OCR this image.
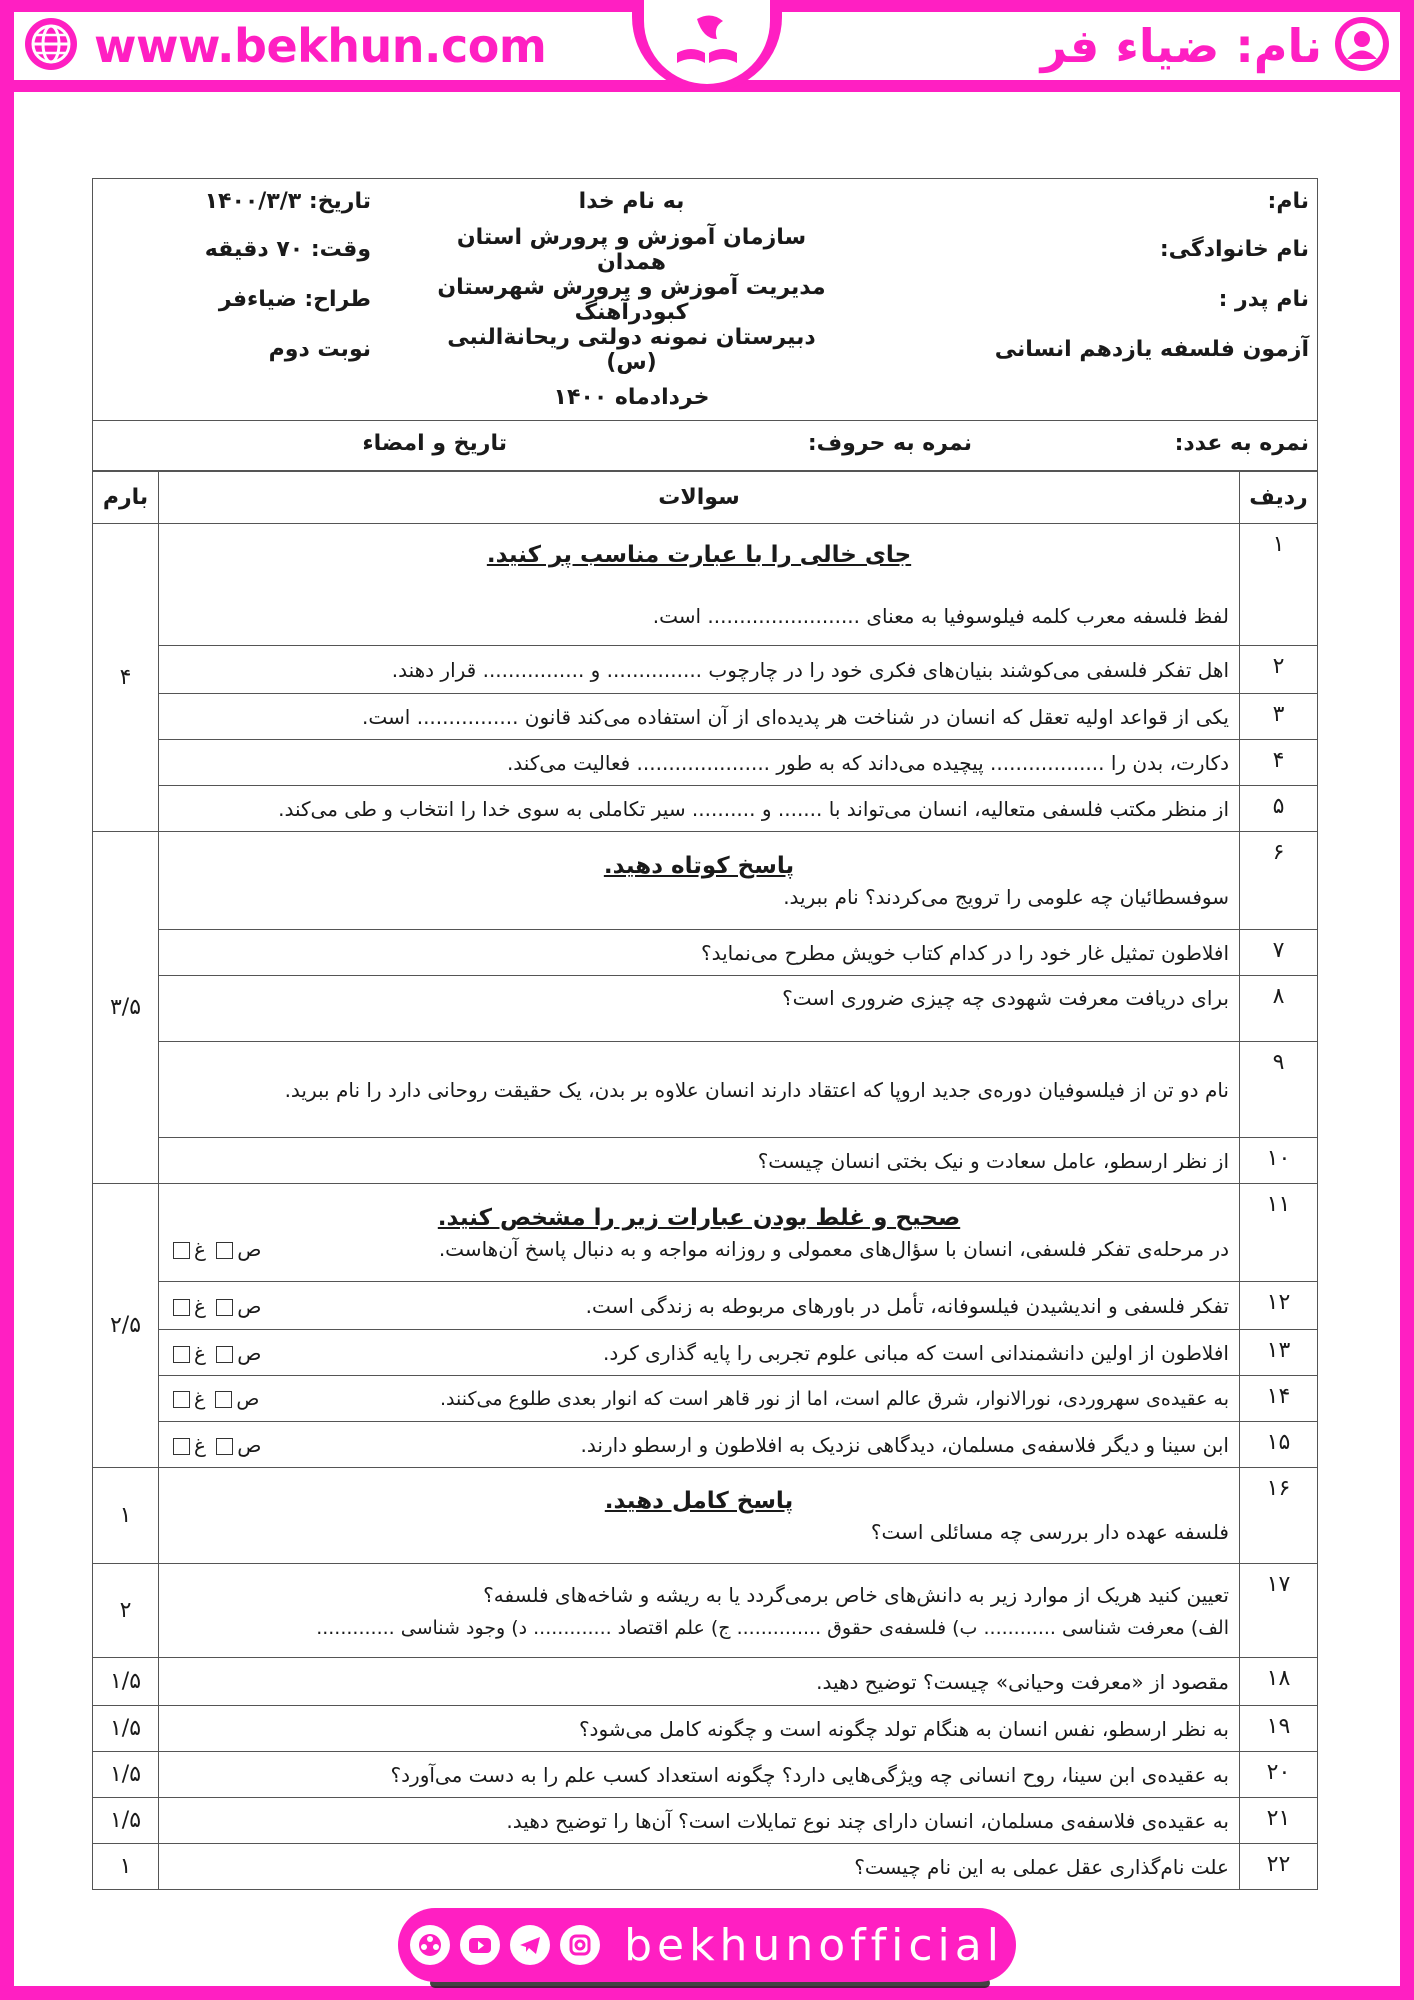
www.bekhun.com	نام: ضیاء فر
نام:	به نام خدا	تاریخ: ۱۴۰۰/۳/۳
نام خانوادگی:	سازمان آموزش و پرورش استان همدان	وقت: ۷۰ دقیقه
نام پدر :	مدیریت آموزش و پرورش شهرستان کبودرآهنگ	طراح: ضیاءفر
آزمون فلسفه یازدهم انسانی	دبیرستان نمونه دولتی ریحانةالنبی (س)	نوبت دوم
	خردادماه ۱۴۰۰	
نمره به عدد:
نمره به حروف:
تاریخ و امضاء
ردیف	سوالات	بارم
۱	جای خالی را با عبارت مناسب پر کنید.
لفظ فلسفه معرب کلمه فیلوسوفیا به معنای ........................ است.	۴
۲	اهل تفکر فلسفی می‌کوشند بنیان‌های فکری خود را در چارچوب ............... و ................ قرار دهند.	
۳	یکی از قواعد اولیه تعقل که انسان در شناخت هر پدیده‌ای از آن استفاده می‌کند قانون ................ است.	
۴	دکارت، بدن را .................. پیچیده می‌داند که به طور ..................... فعالیت می‌کند.	
۵	از منظر مکتب فلسفی متعالیه، انسان می‌تواند با ....... و .......... سیر تکاملی به سوی خدا را انتخاب و طی می‌کند.	
۶	پاسخ کوتاه دهید.
سوفسطائیان چه علومی را ترویج می‌کردند؟ نام ببرید.	۳/۵
۷	افلاطون تمثیل غار خود را در کدام کتاب خویش مطرح می‌نماید؟	
۸	برای دریافت معرفت شهودی چه چیزی ضروری است؟	
۹	نام دو تن از فیلسوفیان دوره‌ی جدید اروپا که اعتقاد دارند انسان علاوه بر بدن، یک حقیقت روحانی دارد را نام ببرید.	
۱۰	از نظر ارسطو، عامل سعادت و نیک بختی انسان چیست؟	
۱۱	صحیح و غلط بودن عبارات زیر را مشخص کنید.
در مرحله‌ی تفکر فلسفی، انسان با سؤال‌های معمولی و روزانه مواجه و به دنبال پاسخ آن‌هاست.
ص غ	۲/۵
۱۲	تفکر فلسفی و اندیشیدن فیلسوفانه، تأمل در باورهای مربوطه به زندگی است.
ص غ	

۱۳	افلاطون از اولین دانشمندانی است که مبانی علوم تجربی را پایه گذاری کرد.
ص غ	

۱۴	به عقیده‌ی سهروردی، نورالانوار، شرق عالم است، اما از نور قاهر است که انوار بعدی طلوع می‌کنند.
ص غ	

۱۵	ابن سینا و دیگر فلاسفه‌ی مسلمان، دیدگاهی نزدیک به افلاطون و ارسطو دارند.
ص غ	

۱۶	پاسخ کامل دهید.
فلسفه عهده دار بررسی چه مسائلی است؟	۱
۱۷	تعیین کنید هریک از موارد زیر به دانش‌های خاص برمی‌گردد یا به ریشه و شاخه‌های فلسفه؟
الف) معرفت شناسی ............ ب) فلسفه‌ی حقوق .............. ج) علم اقتصاد ............. د) وجود شناسی .............	۲
۱۸	مقصود از «معرفت وحیانی» چیست؟ توضیح دهید.	۱/۵
۱۹	به نظر ارسطو، نفس انسان به هنگام تولد چگونه است و چگونه کامل می‌شود؟	۱/۵
۲۰	به عقیده‌ی ابن سینا، روح انسانی چه ویژگی‌هایی دارد؟ چگونه استعداد کسب علم را به دست می‌آورد؟	۱/۵
۲۱	به عقیده‌ی فلاسفه‌ی مسلمان، انسان دارای چند نوع تمایلات است؟ آن‌ها را توضیح دهید.	۱/۵
۲۲	علت نام‌گذاری عقل عملی به این نام چیست؟	۱
bekhunofficial
